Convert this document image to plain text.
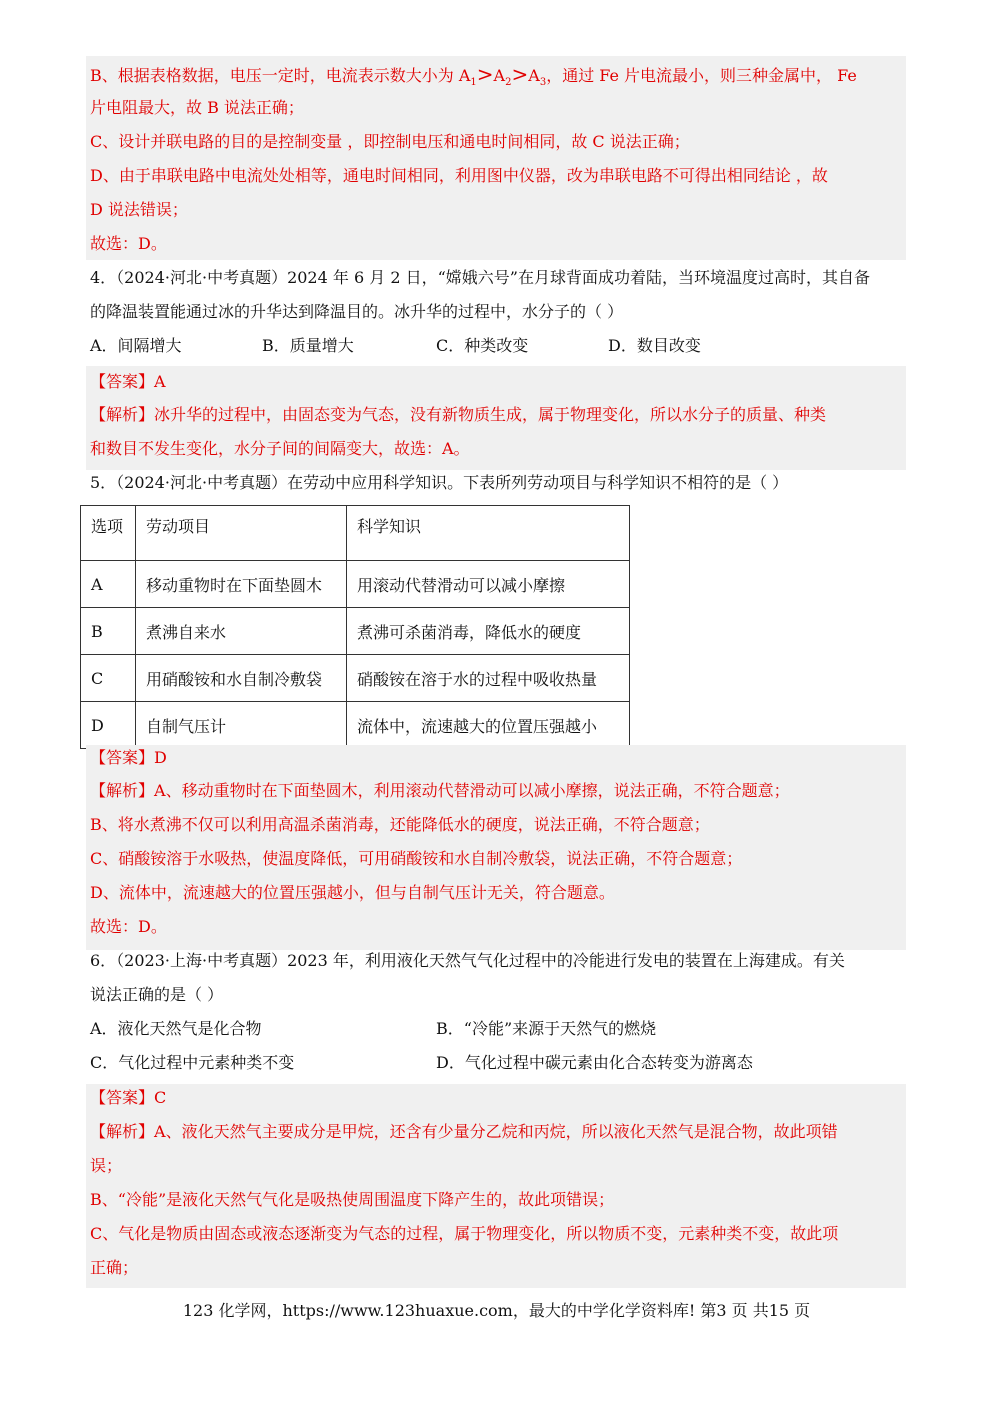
B、根据表格数据，电压一定时，电流表示数大小为 $A_1>A_2>A_3$，通过 Fe 片电流最小，则三种金属中， Fe
片电阻最大，故 B 说法正确；
C、设计并联电路的目的是控制变量 ，即控制电压和通电时间相同，故 C 说法正确；
D、由于串联电路中电流处处相等，通电时间相同，利用图中仪器，改为串联电路不可得出相同结论 ，故
D 说法错误；
故选：D。
4．（2024·河北·中考真题）2024 年 6 月 2 日，“嫦娥六号”在月球背面成功着陆，当环境温度过高时，其自备
的降温装置能通过冰的升华达到降温目的。冰升华的过程中，水分子的（ ）
A．间隔增大	B．质量增大	C．种类改变	D．数目改变
【答案】A
【解析】冰升华的过程中，由固态变为气态，没有新物质生成，属于物理变化，所以水分子的质量、种类
和数目不发生变化，水分子间的间隔变大，故选：A。
5．（2024·河北·中考真题）在劳动中应用科学知识。下表所列劳动项目与科学知识不相符的是（ ）
选项	劳动项目	科学知识
A	移动重物时在下面垫圆木	用滚动代替滑动可以减小摩擦
B	煮沸自来水	煮沸可杀菌消毒，降低水的硬度
C	用硝酸铵和水自制冷敷袋	硝酸铵在溶于水的过程中吸收热量
D	自制气压计	流体中，流速越大的位置压强越小
【答案】D
【解析】A、移动重物时在下面垫圆木，利用滚动代替滑动可以减小摩擦，说法正确，不符合题意；
B、将水煮沸不仅可以利用高温杀菌消毒，还能降低水的硬度，说法正确，不符合题意；
C、硝酸铵溶于水吸热，使温度降低，可用硝酸铵和水自制冷敷袋，说法正确，不符合题意；
D、流体中，流速越大的位置压强越小，但与自制气压计无关，符合题意。
故选：D。
6．（2023·上海·中考真题）2023 年，利用液化天然气气化过程中的冷能进行发电的装置在上海建成。有关
说法正确的是（ ）
A．液化天然气是化合物	B．“冷能”来源于天然气的燃烧
C．气化过程中元素种类不变	D．气化过程中碳元素由化合态转变为游离态
【答案】C
【解析】A、液化天然气主要成分是甲烷，还含有少量分乙烷和丙烷，所以液化天然气是混合物，故此项错
误；
B、“冷能”是液化天然气气化是吸热使周围温度下降产生的，故此项错误；
C、气化是物质由固态或液态逐渐变为气态的过程，属于物理变化，所以物质不变，元素种类不变，故此项
正确；
123 化学网，https://www.123huaxue.com，最大的中学化学资料库! 第3 页 共15 页
